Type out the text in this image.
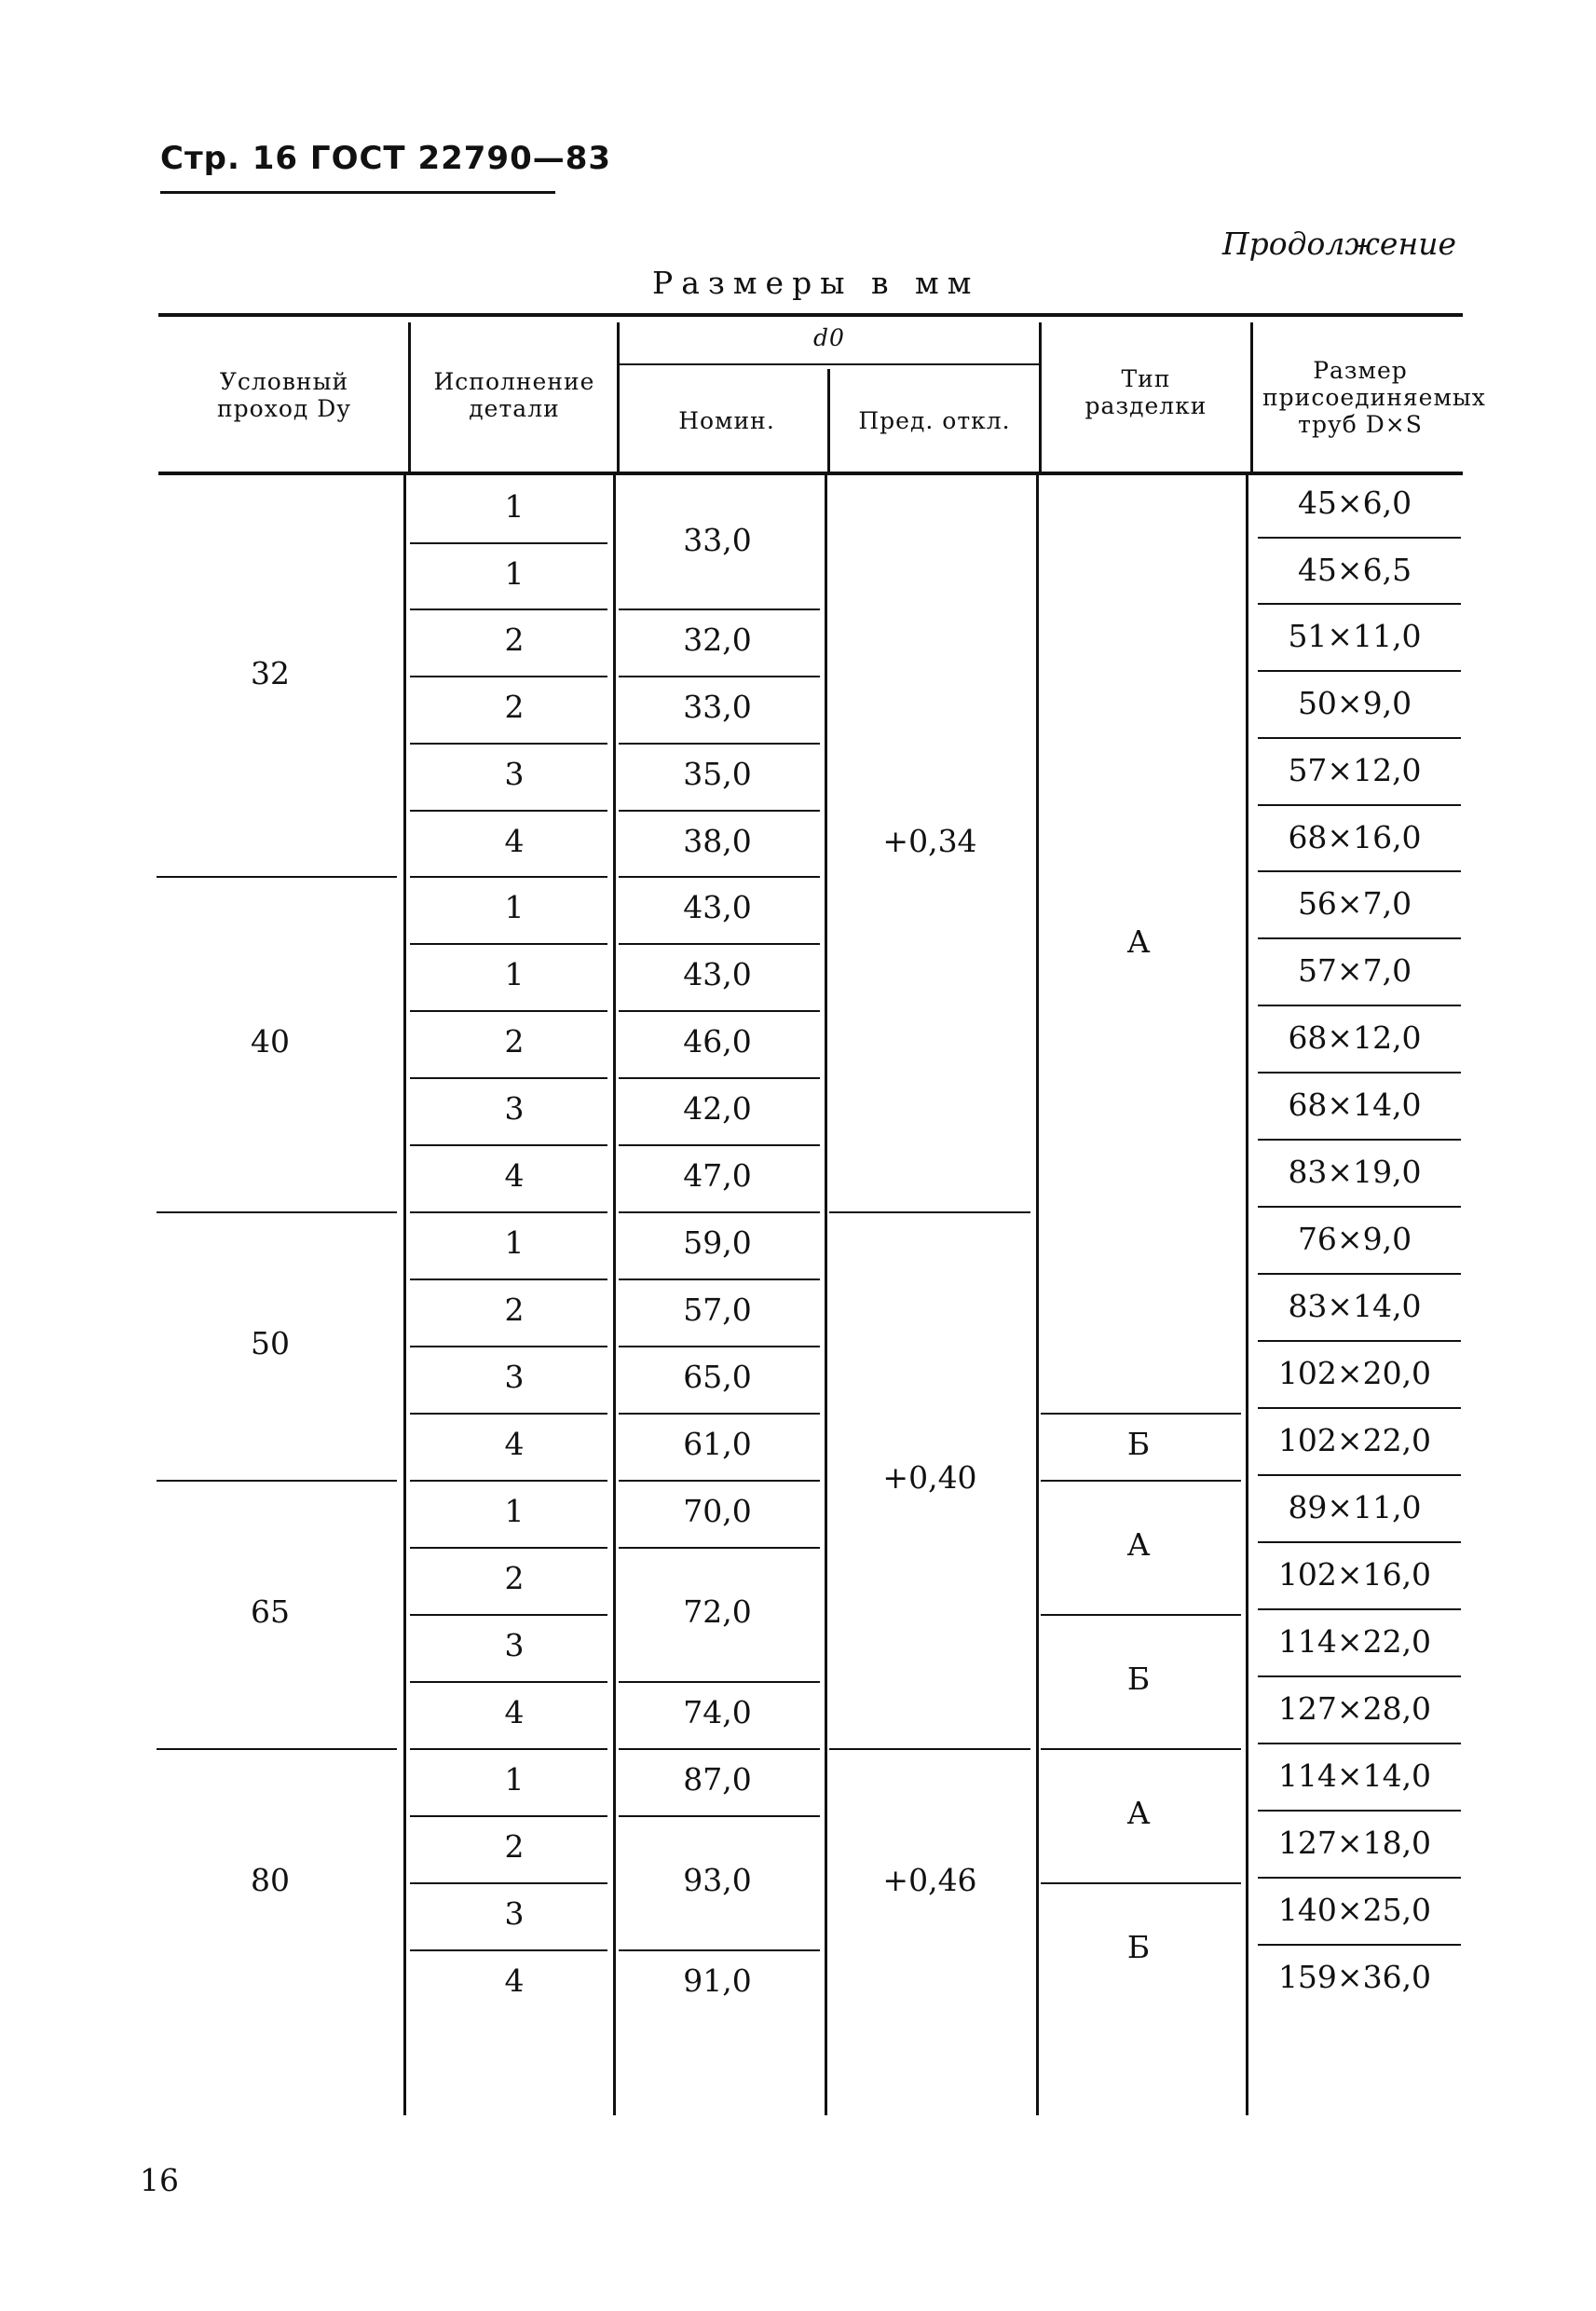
Стр. 16 ГОСТ 22790—83
Продолжение
Размеры в мм
Условный проход Dу
Исполнение детали
d0
Номин.	Пред. откл.
Тип разделки
Размер присоединяемых труб D×S
32
40
50
65
80
1
1
2
2
3
4
1
1
2
3
4
1
2
3
4
1
2
3
4
1
2
3
4
33,0
32,0
33,0
35,0
38,0
43,0
43,0
46,0
42,0
47,0
59,0
57,0
65,0
61,0
70,0
72,0
74,0
87,0
93,0
91,0
+0,34
+0,40
+0,46
А
Б
А
Б
А
Б
45×6,0
45×6,5
51×11,0
50×9,0
57×12,0
68×16,0
56×7,0
57×7,0
68×12,0
68×14,0
83×19,0
76×9,0
83×14,0
102×20,0
102×22,0
89×11,0
102×16,0
114×22,0
127×28,0
114×14,0
127×18,0
140×25,0
159×36,0
16
